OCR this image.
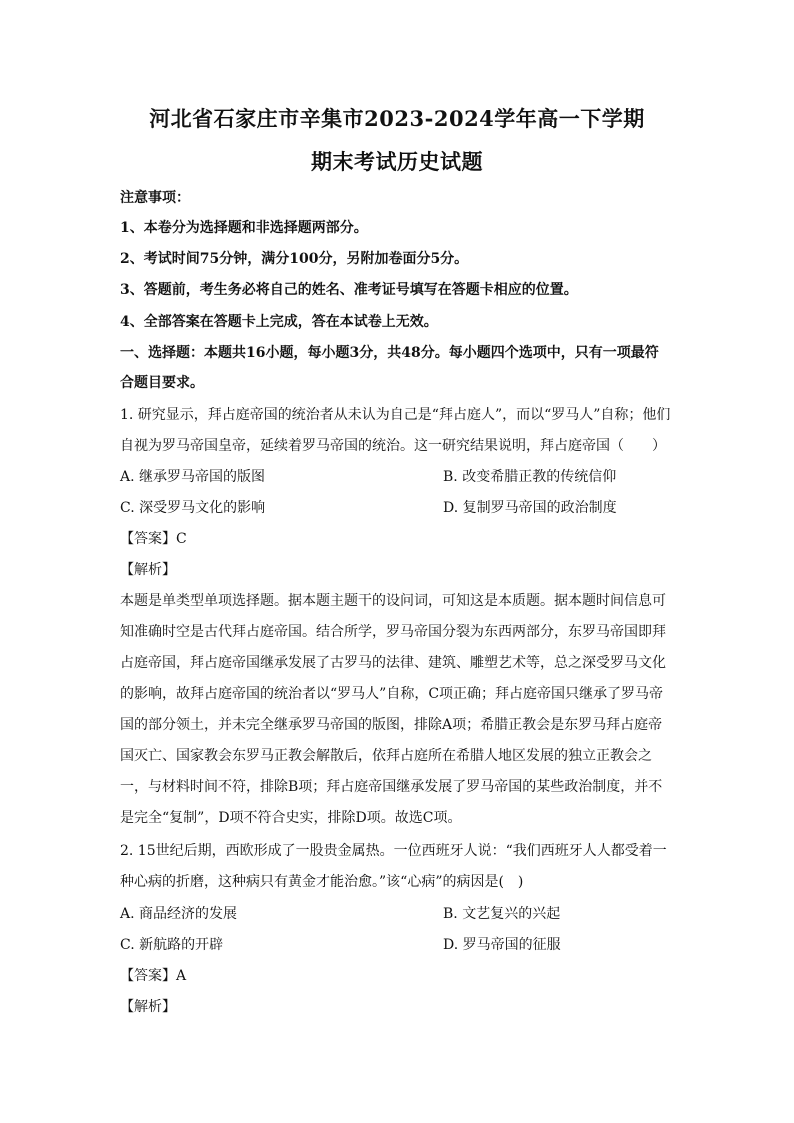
河北省石家庄市辛集市2023-2024学年高一下学期
期末考试历史试题
注意事项：
1、本卷分为选择题和非选择题两部分。
2、考试时间75分钟，满分100分，另附加卷面分5分。
3、答题前，考生务必将自己的姓名、准考证号填写在答题卡相应的位置。
4、全部答案在答题卡上完成，答在本试卷上无效。
一、选择题：本题共16小题，每小题3分，共48分。每小题四个选项中，只有一项最符
合题目要求。
1. 研究显示，拜占庭帝国的统治者从未认为自己是“拜占庭人”，而以“罗马人”自称；他们
自视为罗马帝国皇帝，延续着罗马帝国的统治。这一研究结果说明，拜占庭帝国（　　）
A. 继承罗马帝国的版图	B. 改变希腊正教的传统信仰
C. 深受罗马文化的影响	D. 复制罗马帝国的政治制度
【答案】C
【解析】
本题是单类型单项选择题。据本题主题干的设问词，可知这是本质题。据本题时间信息可
知准确时空是古代拜占庭帝国。结合所学，罗马帝国分裂为东西两部分，东罗马帝国即拜
占庭帝国，拜占庭帝国继承发展了古罗马的法律、建筑、雕塑艺术等，总之深受罗马文化
的影响，故拜占庭帝国的统治者以“罗马人”自称，C项正确；拜占庭帝国只继承了罗马帝
国的部分领土，并未完全继承罗马帝国的版图，排除A项；希腊正教会是东罗马拜占庭帝
国灭亡、国家教会东罗马正教会解散后，依拜占庭所在希腊人地区发展的独立正教会之
一，与材料时间不符，排除B项；拜占庭帝国继承发展了罗马帝国的某些政治制度，并不
是完全“复制”，D项不符合史实，排除D项。故选C项。
2. 15世纪后期，西欧形成了一股贵金属热。一位西班牙人说：“我们西班牙人人都受着一
种心病的折磨，这种病只有黄金才能治愈。”该“心病”的病因是(　)
A. 商品经济的发展	B. 文艺复兴的兴起
C. 新航路的开辟	D. 罗马帝国的征服
【答案】A
【解析】
